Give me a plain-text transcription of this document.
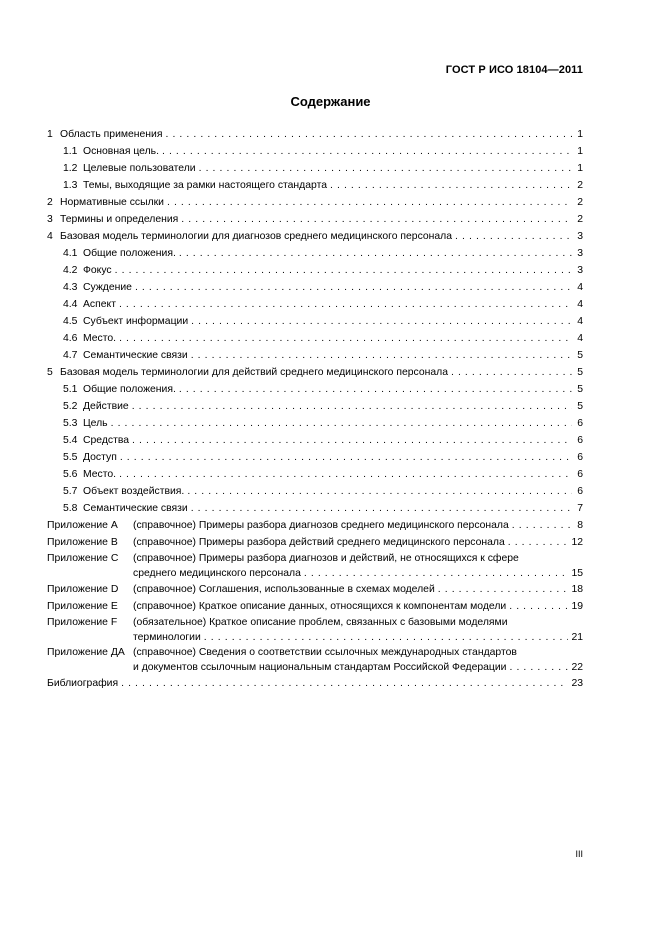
ГОСТ Р ИСО 18104—2011
Содержание
1 Область применения . . .	1
1.1 Основная цель. . . .	1
1.2 Целевые пользователи . . .	1
1.3 Темы, выходящие за рамки настоящего стандарта . . .	2
2 Нормативные ссылки . . .	2
3 Термины и определения . . .	2
4 Базовая модель терминологии для диагнозов среднего медицинского персонала . . .	3
4.1 Общие положения. . . .	3
4.2 Фокус . . .	3
4.3 Суждение . . .	4
4.4 Аспект . . .	4
4.5 Субъект информации . . .	4
4.6 Место. . . .	4
4.7 Семантические связи . . .	5
5 Базовая модель терминологии для действий среднего медицинского персонала . . .	5
5.1 Общие положения. . . .	5
5.2 Действие . . .	5
5.3 Цель . . .	6
5.4 Средства . . .	6
5.5 Доступ . . .	6
5.6 Место. . . .	6
5.7 Объект воздействия. . . .	6
5.8 Семантические связи . . .	7
Приложение А	(справочное) Примеры разбора диагнозов среднего медицинского персонала . . .	8
Приложение В	(справочное) Примеры разбора действий среднего медицинского персонала . . .	12
Приложение С	(справочное) Примеры разбора диагнозов и действий, не относящихся к сфере
среднего медицинского персонала . . .	15
Приложение D	(справочное) Соглашения, использованные в схемах моделей . . .	18
Приложение Е	(справочное) Краткое описание данных, относящихся к компонентам модели . . .	19
Приложение F	(обязательное) Краткое описание проблем, связанных с базовыми моделями
терминологии . . .	21
Приложение ДА (справочное) Сведения о соответствии ссылочных международных стандартов
и документов ссылочным национальным стандартам Российской Федерации . . .	22
Библиография . . .	23
III
